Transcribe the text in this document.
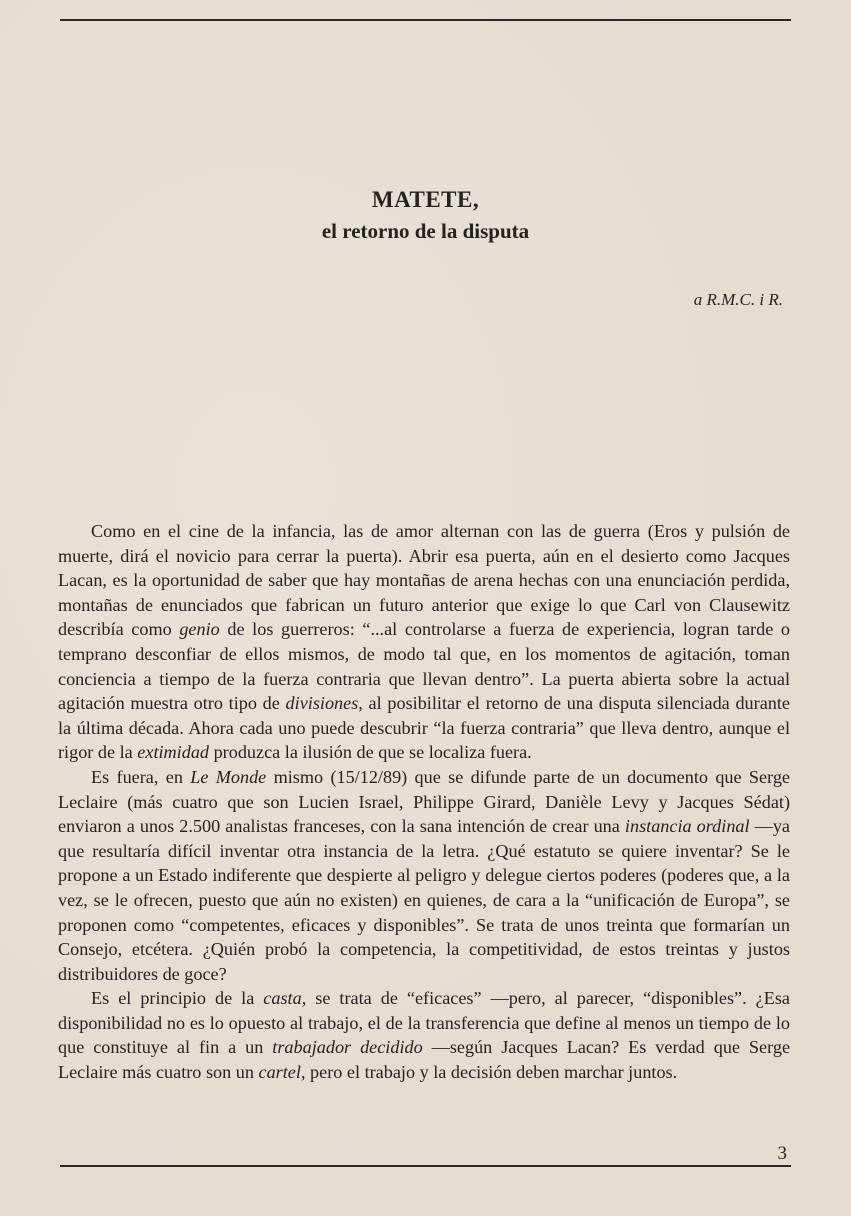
MATETE,
el retorno de la disputa
a R.M.C. i R.

Como en el cine de la infancia, las de amor alternan con las de guerra (Eros y pulsión de muerte, dirá el novicio para cerrar la puerta). Abrir esa puerta, aún en el desierto como Jacques Lacan, es la oportunidad de saber que hay montañas de arena hechas con una enunciación perdida, montañas de enunciados que fabrican un futuro anterior que exige lo que Carl von Clausewitz describía como genio de los guerreros: “...al controlarse a fuerza de experiencia, logran tarde o temprano desconfiar de ellos mismos, de modo tal que, en los momentos de agitación, toman conciencia a tiempo de la fuerza contraria que llevan dentro”. La puerta abierta sobre la actual agitación muestra otro tipo de divisiones, al posibilitar el retorno de una disputa silenciada durante la última década. Ahora cada uno puede descubrir “la fuerza contraria” que lleva dentro, aunque el rigor de la extimidad produzca la ilusión de que se localiza fuera.

Es fuera, en Le Monde mismo (15/12/89) que se difunde parte de un documento que Serge Leclaire (más cuatro que son Lucien Israel, Philippe Girard, Danièle Levy y Jacques Sédat) enviaron a unos 2.500 analistas franceses, con la sana intención de crear una instancia ordinal —ya que resultaría difícil inventar otra instancia de la letra. ¿Qué estatuto se quiere inventar? Se le propone a un Estado indiferente que despierte al peligro y delegue ciertos poderes (poderes que, a la vez, se le ofrecen, puesto que aún no existen) en quienes, de cara a la “unificación de Europa”, se proponen como “competentes, eficaces y disponibles”. Se trata de unos treinta que formarían un Consejo, etcétera. ¿Quién probó la competencia, la competitividad, de estos treintas y justos distribuidores de goce?

Es el principio de la casta, se trata de “eficaces” —pero, al parecer, “disponibles”. ¿Esa disponibilidad no es lo opuesto al trabajo, el de la transferencia que define al menos un tiempo de lo que constituye al fin a un trabajador decidido —según Jacques Lacan? Es verdad que Serge Leclaire más cuatro son un cartel, pero el trabajo y la decisión deben marchar juntos.

3
